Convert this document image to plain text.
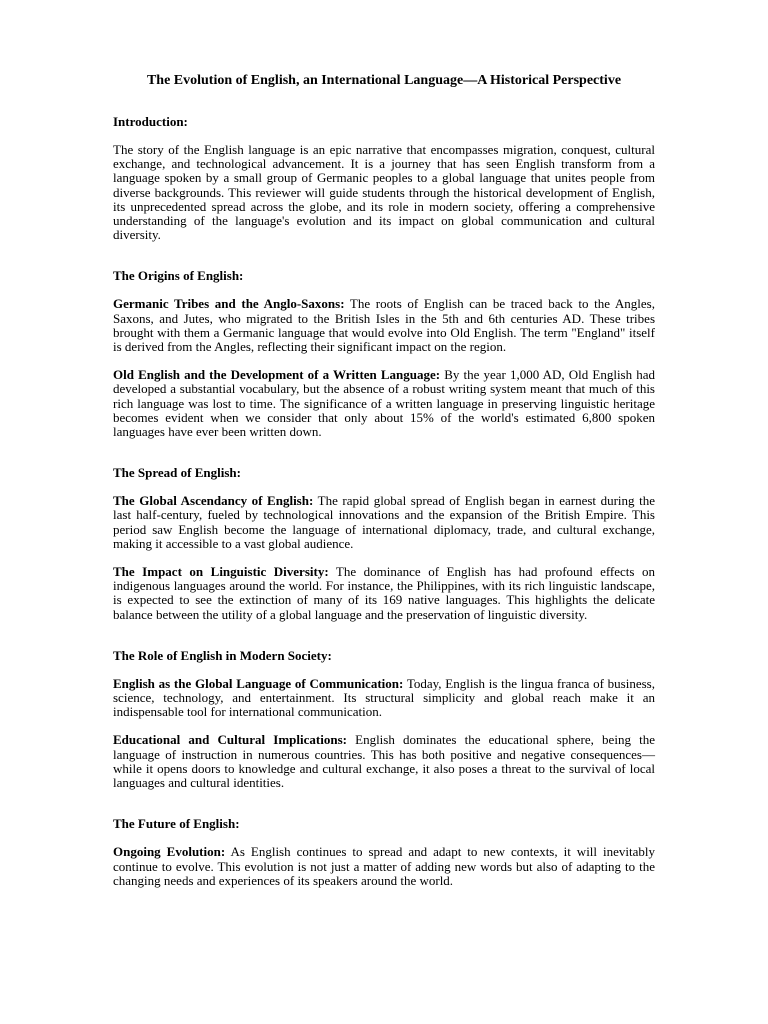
The Evolution of English, an International Language—A Historical Perspective
Introduction:

The story of the English language is an epic narrative that encompasses migration, conquest, cultural exchange, and technological advancement. It is a journey that has seen English transform from a language spoken by a small group of Germanic peoples to a global language that unites people from diverse backgrounds. This reviewer will guide students through the historical development of English, its unprecedented spread across the globe, and its role in modern society, offering a comprehensive understanding of the language's evolution and its impact on global communication and cultural diversity.

The Origins of English:

Germanic Tribes and the Anglo-Saxons: The roots of English can be traced back to the Angles, Saxons, and Jutes, who migrated to the British Isles in the 5th and 6th centuries AD. These tribes brought with them a Germanic language that would evolve into Old English. The term "England" itself is derived from the Angles, reflecting their significant impact on the region.

Old English and the Development of a Written Language: By the year 1,000 AD, Old English had developed a substantial vocabulary, but the absence of a robust writing system meant that much of this rich language was lost to time. The significance of a written language in preserving linguistic heritage becomes evident when we consider that only about 15% of the world's estimated 6,800 spoken languages have ever been written down.

The Spread of English:

The Global Ascendancy of English: The rapid global spread of English began in earnest during the last half-century, fueled by technological innovations and the expansion of the British Empire. This period saw English become the language of international diplomacy, trade, and cultural exchange, making it accessible to a vast global audience.

The Impact on Linguistic Diversity: The dominance of English has had profound effects on indigenous languages around the world. For instance, the Philippines, with its rich linguistic landscape, is expected to see the extinction of many of its 169 native languages. This highlights the delicate balance between the utility of a global language and the preservation of linguistic diversity.

The Role of English in Modern Society:

English as the Global Language of Communication: Today, English is the lingua franca of business, science, technology, and entertainment. Its structural simplicity and global reach make it an indispensable tool for international communication.

Educational and Cultural Implications: English dominates the educational sphere, being the language of instruction in numerous countries. This has both positive and negative consequences—while it opens doors to knowledge and cultural exchange, it also poses a threat to the survival of local languages and cultural identities.

The Future of English:

Ongoing Evolution: As English continues to spread and adapt to new contexts, it will inevitably continue to evolve. This evolution is not just a matter of adding new words but also of adapting to the changing needs and experiences of its speakers around the world.
